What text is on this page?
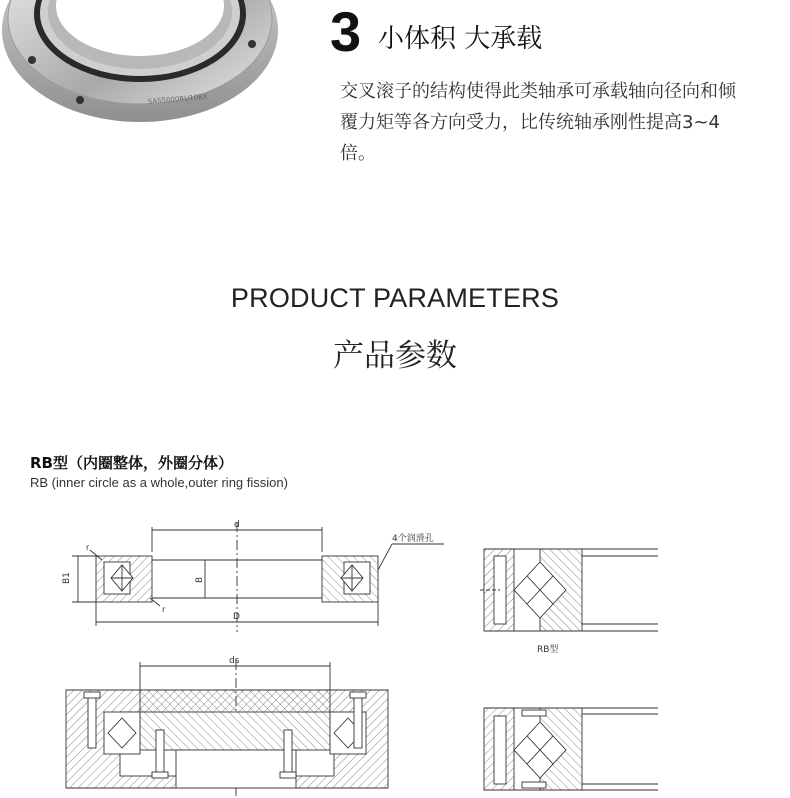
SAS5000RU10BX
3 小体积 大承载

交叉滚子的结构使得此类轴承可承载轴向径向和倾覆力矩等各方向受力，比传统轴承刚性提高3~4倍。

PRODUCT PARAMETERS
产品参数
RB型（内圈整体，外圈分体）
RB (inner circle as a whole,outer ring fission)
d
D
B
B1
r
r
4个润滑孔
RB型
ds
